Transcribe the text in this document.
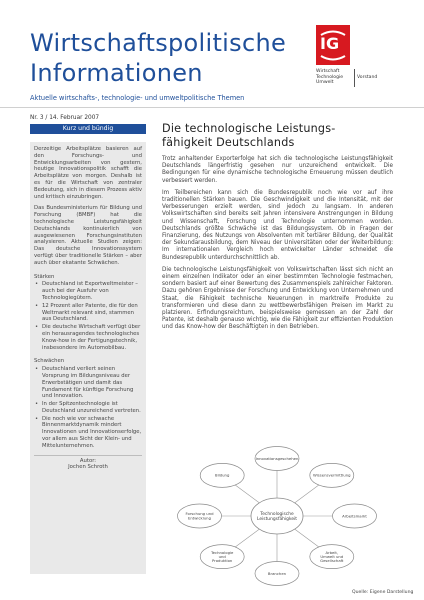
Wirtschaftspolitische
Informationen
Aktuelle wirtschafts-, technologie- und umweltpolitische Themen
IG
Wirtschaft
Technologie
Umwelt
Vorstand
Nr. 3 / 14. Februar 2007
Kurz und bündig

Derzeitige Arbeitsplätze basieren auf den Forschungs- und Entwicklungsarbeiten von gestern, heutige Innovationspolitik schafft die Arbeitsplätze von morgen. Deshalb ist es für die Wirtschaft von zentraler Bedeutung, sich in diesem Prozess aktiv und kritisch einzubringen.

Das Bundesministerium für Bildung und Forschung (BMBF) hat die technologische Leistungsfähigkeit Deutschlands kontinuierlich von ausgewiesenen Forschungsinstituten analysieren. Aktuelle Studien zeigen: Das deutsche Innovationssystem verfügt über traditionelle Stärken – aber auch über ekatante Schwächen.

Stärken
• Deutschland ist Exportweltmeister – auch bei der Ausfuhr von Technologiegütern.
• 12 Prozent aller Patente, die für den Weltmarkt relevant sind, stammen aus Deutschland.
• Die deutsche Wirtschaft verfügt über ein herausragendes technologisches Know-how in der Fertigungstechnik, insbesondere im Automobilbau.
Schwächen
• Deutschland verliert seinen Vorsprung im Bildungsniveau der Erwerbstätigen und damit das Fundament für künftige Forschung und Innovation.
• In der Spitzentechnologie ist Deutschland unzureichend vertreten.
• Die noch wie vor schwache Binnenmarktdynamik mindert Innovationen und Innovationserfolge, vor allem aus Sicht der Klein- und Mittelunternehmen.
Autor:
Jochen Schroth
Die technologische Leistungs-
fähigkeit Deutschlands

Trotz anhaltender Exporterfolge hat sich die technologische Leistungsfähigkeit Deutschlands längerfristig gesehen nur unzureichend entwickelt. Die Bedingungen für eine dynamische technologische Erneuerung müssen deutlich verbessert werden.

Im Teilbereichen kann sich die Bundesrepublik noch wie vor auf ihre traditionellen Stärken bauen. Die Geschwindigkeit und die Intensität, mit der Verbesserungen erzielt werden, sind jedoch zu langsam. In anderen Volkswirtschaften sind bereits seit Jahren intensivere Anstrengungen in Bildung und Wissenschaft, Forschung und Technologie unternommen worden. Deutschlands größte Schwäche ist das Bildungssystem. Ob in Fragen der Finanzierung, des Nutzungs von Absolventen mit tertiärer Bildung, der Qualität der Sekundarausbildung, dem Niveau der Universitäten oder der Weiterbildung: Im internationalen Vergleich hoch entwickelter Länder schneidet die Bundesrepublik unterdurchschnittlich ab.

Die technologische Leistungsfähigkeit von Volkswirtschaften lässt sich nicht an einem einzelnen Indikator oder an einer bestimmten Technologie festmachen, sondern basiert auf einer Bewertung des Zusammenspiels zahlreicher Faktoren. Dazu gehören Ergebnisse der Forschung und Entwicklung von Unternehmen und Staat, die Fähigkeit technische Neuerungen in marktreife Produkte zu transformieren und diese dann zu wettbewerbsfähigen Preisen im Markt zu platzieren. Erfindungsreichtum, beispielsweise gemessen an der Zahl der Patente, ist deshalb genauso wichtig, wie die Fähigkeit zur effizienten Produktion und das Know-how der Beschäftigten in den Betrieben.

Technologische Leistungsfähigkeit
Innovationsgeschehen
Wissensvermittlung
Arbeitsmarkt
Arbeit, Umwelt und Gesellschaft
Branchen
Technologie und Produktion
Forschung und Entwicklung
Bildung
Quelle: Eigene Darstellung
